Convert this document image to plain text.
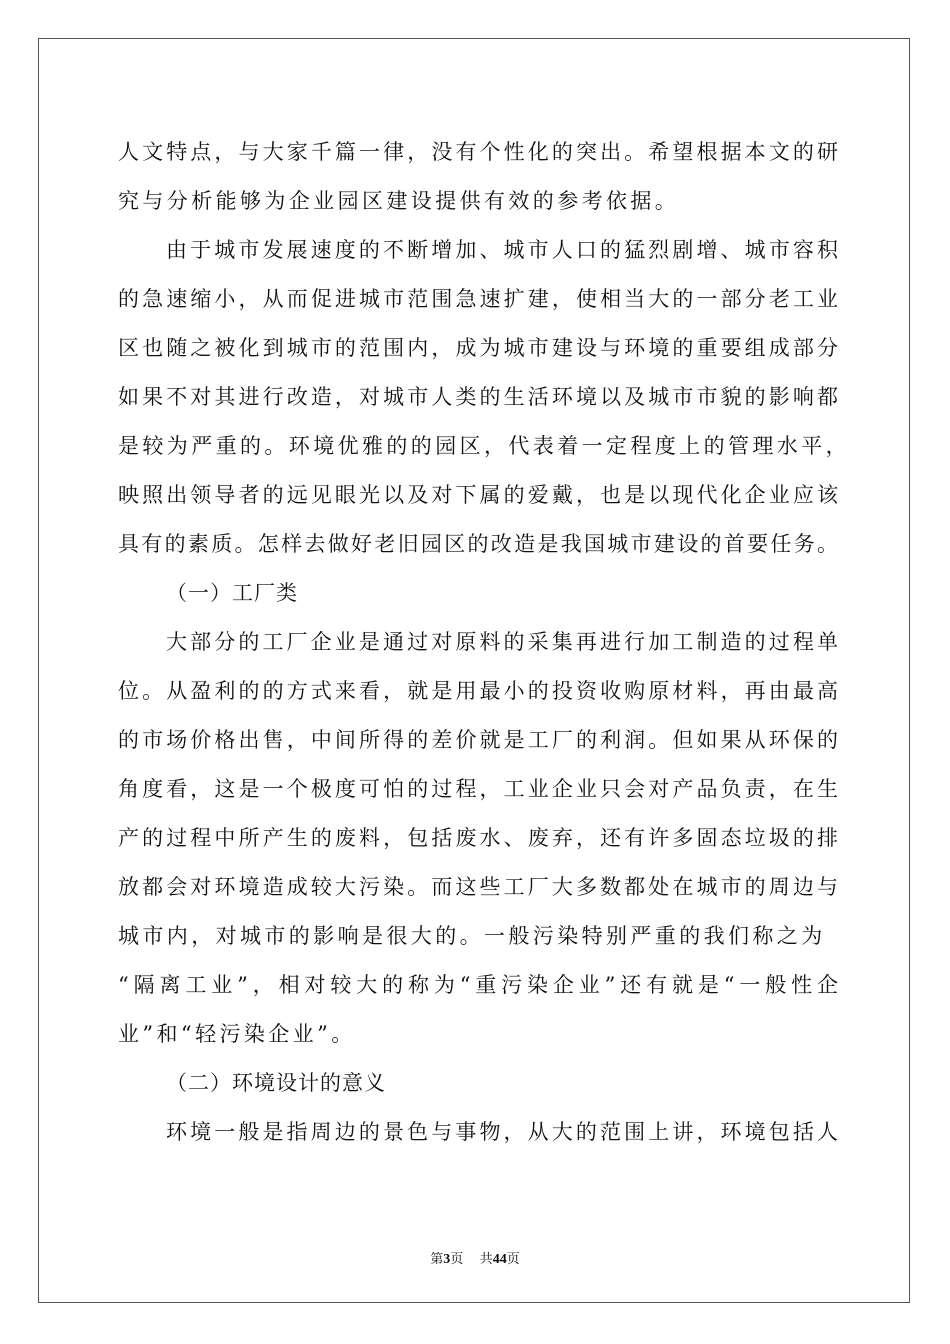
人文特点，与大家千篇一律，没有个性化的突出。希望根据本文的研
究与分析能够为企业园区建设提供有效的参考依据。
由于城市发展速度的不断增加、城市人口的猛烈剧增、城市容积
的急速缩小，从而促进城市范围急速扩建，使相当大的一部分老工业
区也随之被化到城市的范围内，成为城市建设与环境的重要组成部分
如果不对其进行改造，对城市人类的生活环境以及城市市貌的影响都
是较为严重的。环境优雅的的园区，代表着一定程度上的管理水平，
映照出领导者的远见眼光以及对下属的爱戴，也是以现代化企业应该
具有的素质。怎样去做好老旧园区的改造是我国城市建设的首要任务。
（一）工厂类
大部分的工厂企业是通过对原料的采集再进行加工制造的过程单
位。从盈利的的方式来看，就是用最小的投资收购原材料，再由最高
的市场价格出售，中间所得的差价就是工厂的利润。但如果从环保的
角度看，这是一个极度可怕的过程，工业企业只会对产品负责，在生
产的过程中所产生的废料，包括废水、废弃，还有许多固态垃圾的排
放都会对环境造成较大污染。而这些工厂大多数都处在城市的周边与
城市内，对城市的影响是很大的。一般污染特别严重的我们称之为
“隔离工业”，相对较大的称为“重污染企业”还有就是“一般性企
业”和“轻污染企业”。
（二）环境设计的意义
环境一般是指周边的景色与事物，从大的范围上讲，环境包括人
第3页 共44页
